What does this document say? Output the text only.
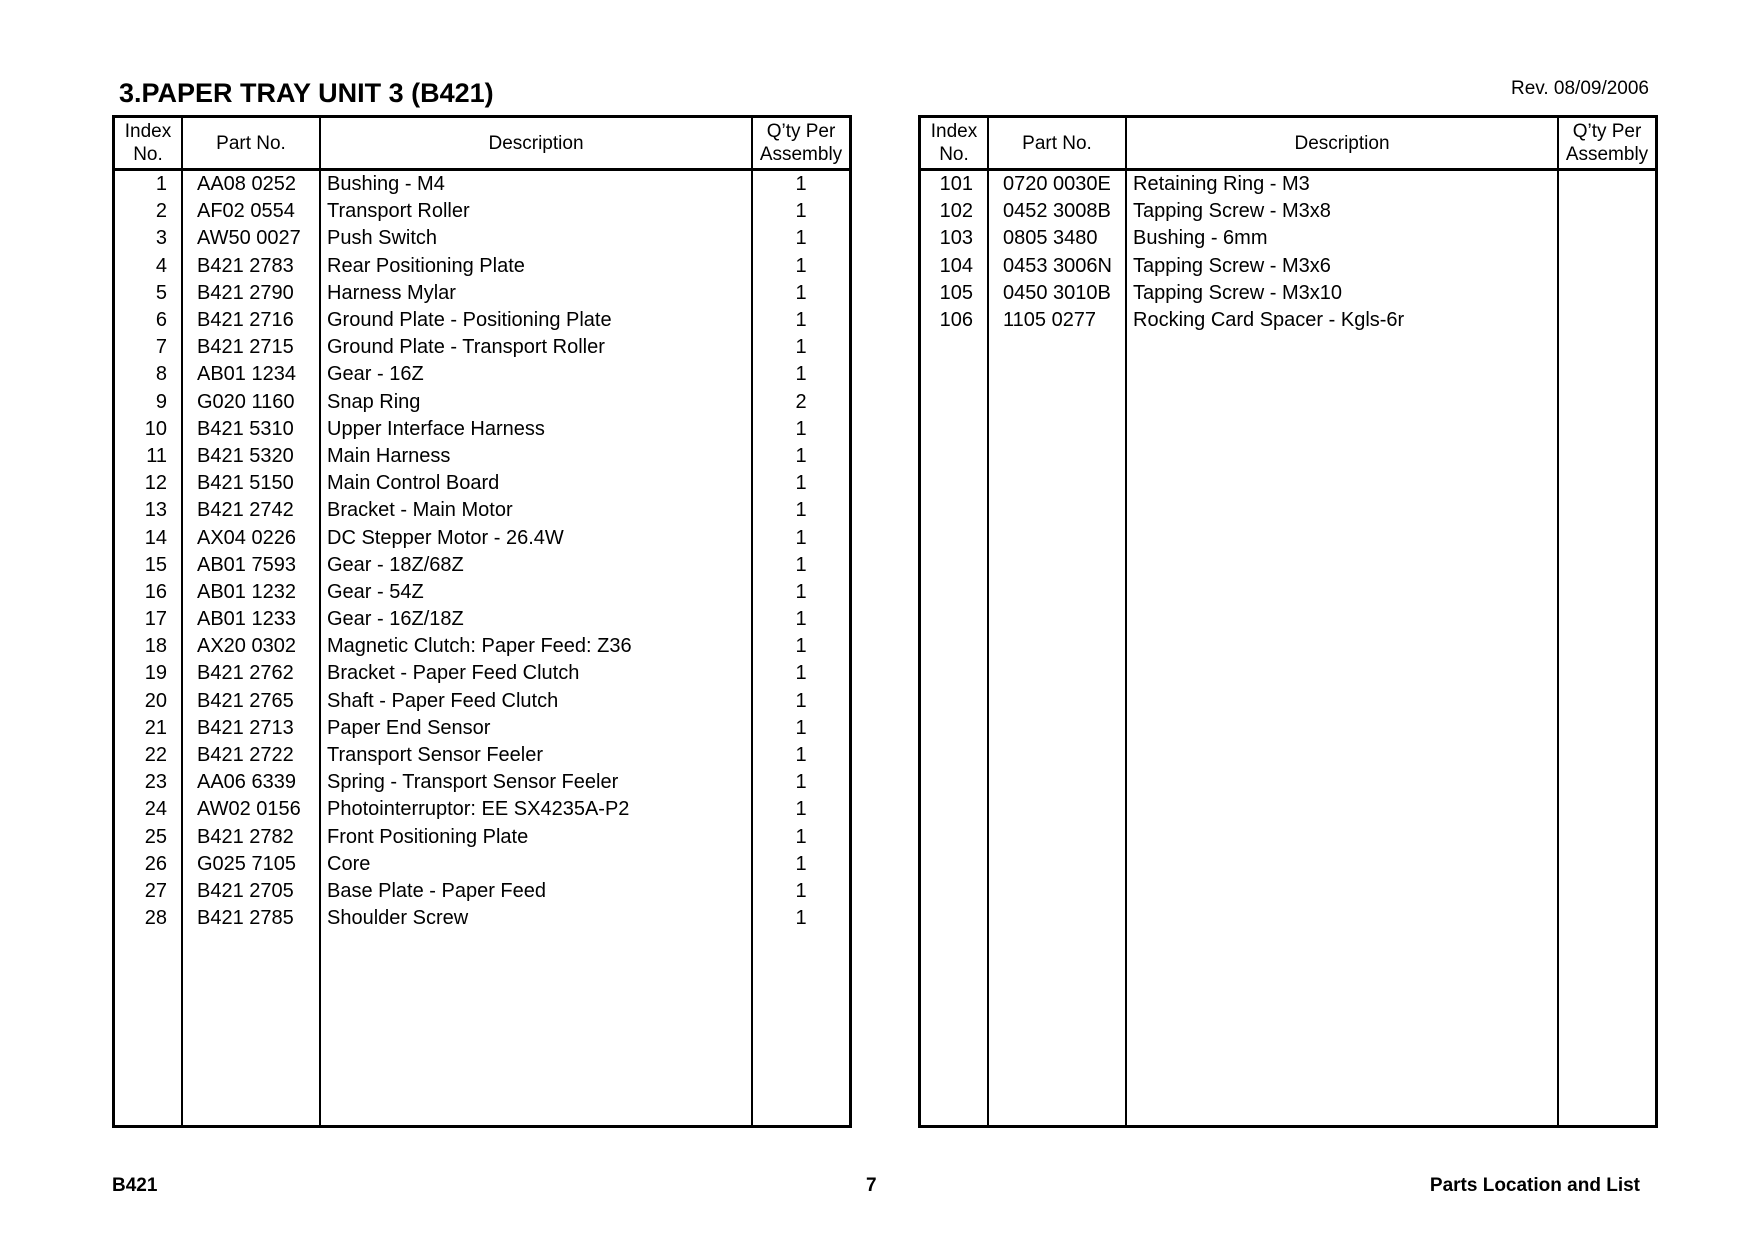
3.PAPER TRAY UNIT 3 (B421)	Rev. 08/09/2006
Index
No.	Part No.	Description	Q’ty Per
Assembly
1	AA08 0252	Bushing - M4	1
2	AF02 0554	Transport Roller	1
3	AW50 0027	Push Switch	1
4	B421 2783	Rear Positioning Plate	1
5	B421 2790	Harness Mylar	1
6	B421 2716	Ground Plate - Positioning Plate	1
7	B421 2715	Ground Plate - Transport Roller	1
8	AB01 1234	Gear - 16Z	1
9	G020 1160	Snap Ring	2
10	B421 5310	Upper Interface Harness	1
11	B421 5320	Main Harness	1
12	B421 5150	Main Control Board	1
13	B421 2742	Bracket - Main Motor	1
14	AX04 0226	DC Stepper Motor - 26.4W	1
15	AB01 7593	Gear - 18Z/68Z	1
16	AB01 1232	Gear - 54Z	1
17	AB01 1233	Gear - 16Z/18Z	1
18	AX20 0302	Magnetic Clutch: Paper Feed: Z36	1
19	B421 2762	Bracket - Paper Feed Clutch	1
20	B421 2765	Shaft - Paper Feed Clutch	1
21	B421 2713	Paper End Sensor	1
22	B421 2722	Transport Sensor Feeler	1
23	AA06 6339	Spring - Transport Sensor Feeler	1
24	AW02 0156	Photointerruptor: EE SX4235A-P2	1
25	B421 2782	Front Positioning Plate	1
26	G025 7105	Core	1
27	B421 2705	Base Plate - Paper Feed	1
28	B421 2785	Shoulder Screw	1

Index
No.	Part No.	Description	Q’ty Per
Assembly
101	0720 0030E	Retaining Ring - M3	
102	0452 3008B	Tapping Screw - M3x8	
103	0805 3480	Bushing - 6mm	
104	0453 3006N	Tapping Screw - M3x6	
105	0450 3010B	Tapping Screw - M3x10	
106	1105 0277	Rocking Card Spacer - Kgls-6r	

B421	7	Parts Location and List
